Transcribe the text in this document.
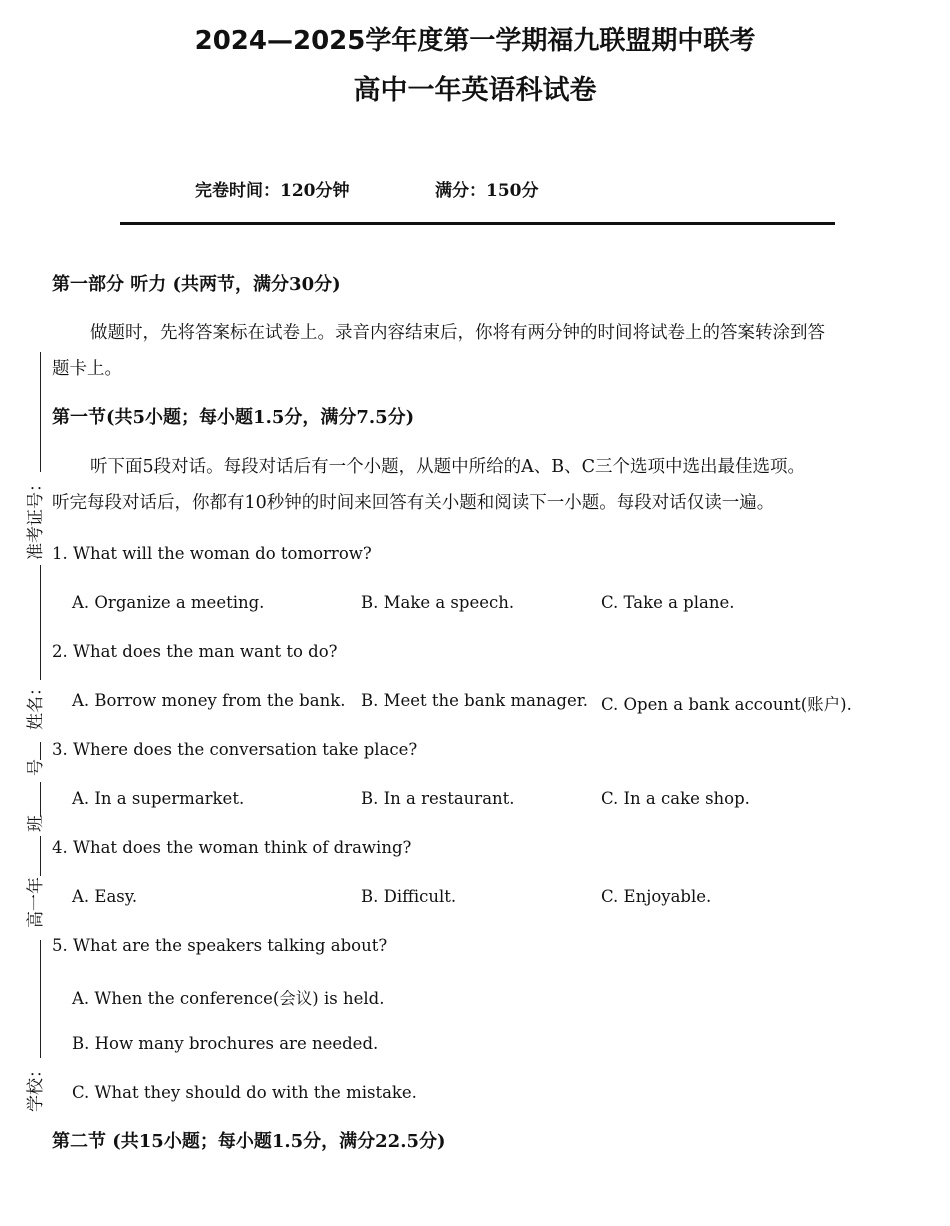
2024—2025学年度第一学期福九联盟期中联考
高中一年英语科试卷
完卷时间：120分钟	满分：150分
第一部分 听力 (共两节，满分30分)
做题时，先将答案标在试卷上。录音内容结束后，你将有两分钟的时间将试卷上的答案转涂到答
题卡上。
第一节(共5小题；每小题1.5分，满分7.5分)
听下面5段对话。每段对话后有一个小题，从题中所给的A、B、C三个选项中选出最佳选项。
听完每段对话后，你都有10秒钟的时间来回答有关小题和阅读下一小题。每段对话仅读一遍。
1. What will the woman do tomorrow?
A. Organize a meeting.	B. Make a speech.	C. Take a plane.
2. What does the man want to do?
A. Borrow money from the bank. B. Meet the bank manager. C. Open a bank account(账户).
3. Where does the conversation take place?
A. In a supermarket.	B. In a restaurant.	C. In a cake shop.
4. What does the woman think of drawing?
A. Easy.	B. Difficult.	C. Enjoyable.
5. What are the speakers talking about?
A. When the conference(会议) is held.
B. How many brochures are needed.
C. What they should do with the mistake.
第二节 (共15小题；每小题1.5分，满分22.5分)
准考证号：
姓名：
号
班
高一年
学校：
